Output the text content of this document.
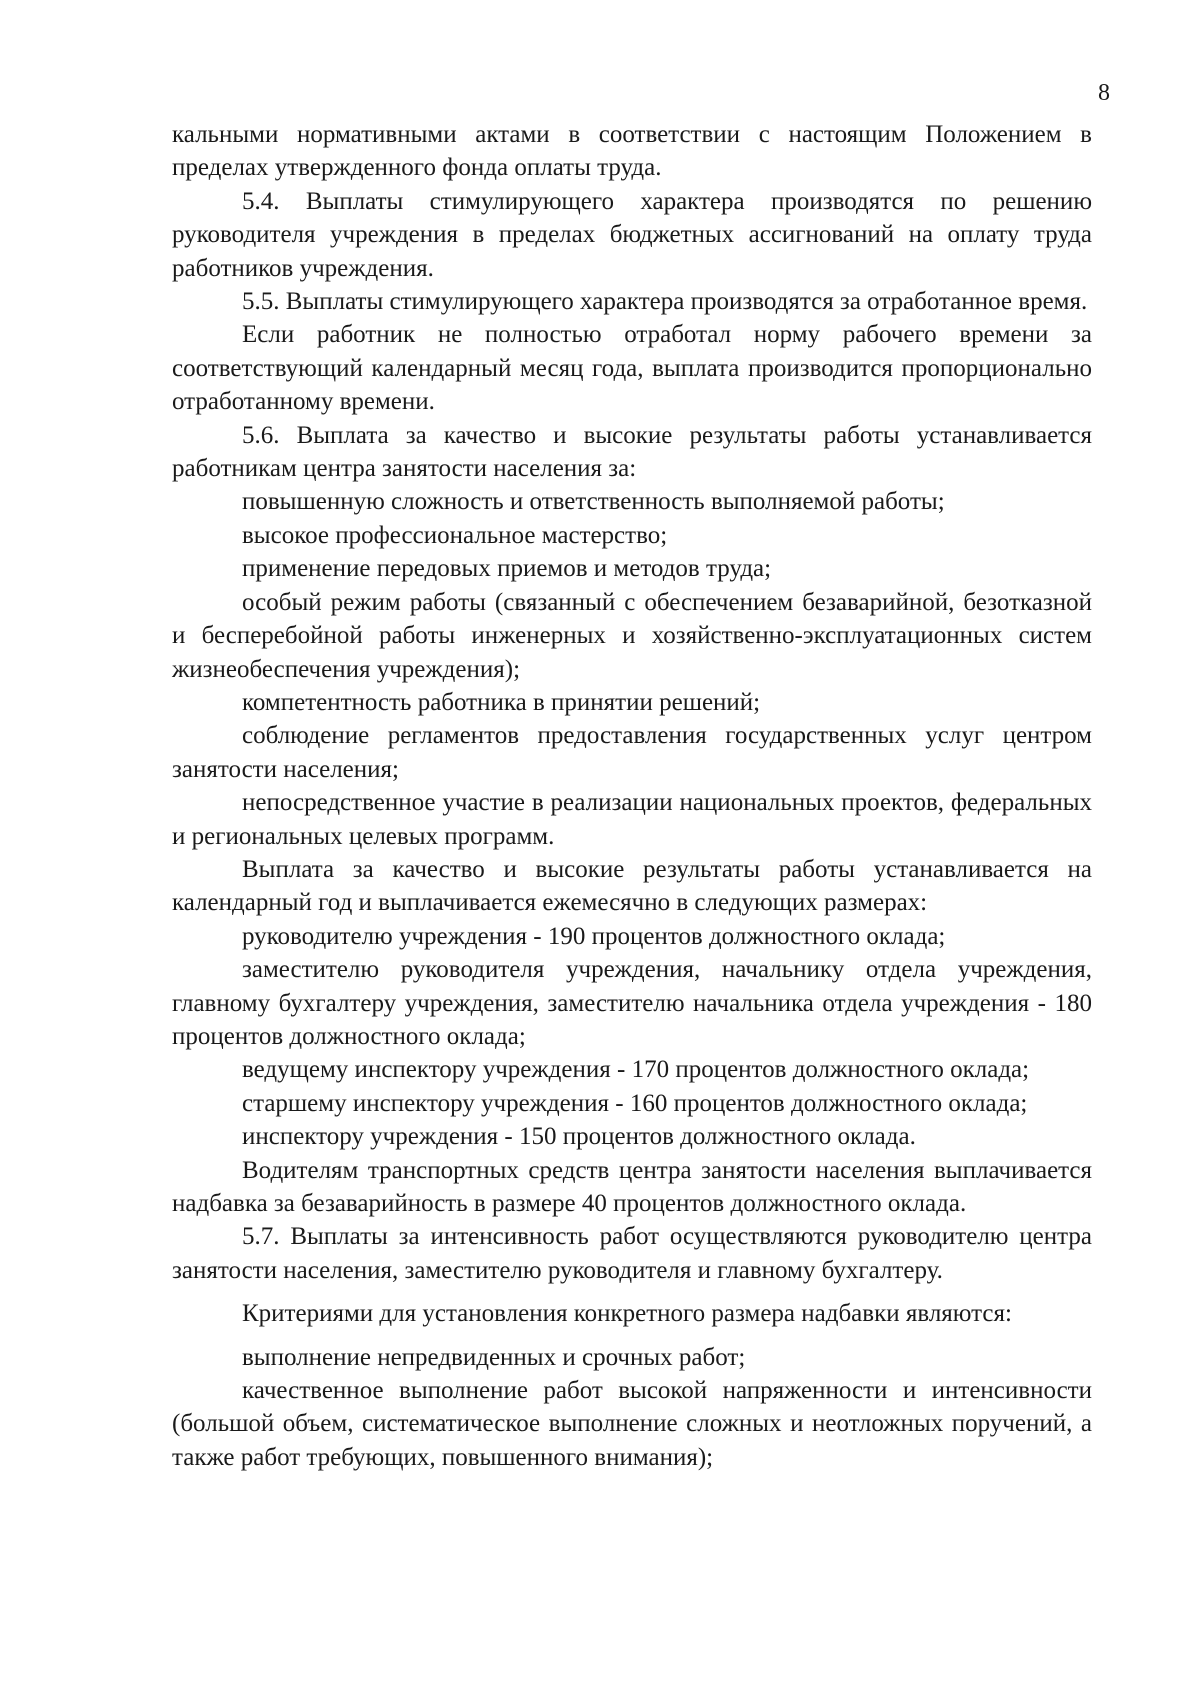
8

кальными нормативными актами в соответствии с настоящим Положением в пределах утвержденного фонда оплаты труда.

5.4. Выплаты стимулирующего характера производятся по решению руководителя учреждения в пределах бюджетных ассигнований на оплату труда работников учреждения.

5.5. Выплаты стимулирующего характера производятся за отработанное время.

Если работник не полностью отработал норму рабочего времени за соответствующий календарный месяц года, выплата производится пропорционально отработанному времени.

5.6. Выплата за качество и высокие результаты работы устанавливается работникам центра занятости населения за:

повышенную сложность и ответственность выполняемой работы;

высокое профессиональное мастерство;

применение передовых приемов и методов труда;

особый режим работы (связанный с обеспечением безаварийной, безотказной и бесперебойной работы инженерных и хозяйственно-эксплуатационных систем жизнеобеспечения учреждения);

компетентность работника в принятии решений;

соблюдение регламентов предоставления государственных услуг центром занятости населения;

непосредственное участие в реализации национальных проектов, федеральных и региональных целевых программ.

Выплата за качество и высокие результаты работы устанавливается на календарный год и выплачивается ежемесячно в следующих размерах:

руководителю учреждения - 190 процентов должностного оклада;

заместителю руководителя учреждения, начальнику отдела учреждения, главному бухгалтеру учреждения, заместителю начальника отдела учреждения - 180 процентов должностного оклада;

ведущему инспектору учреждения - 170 процентов должностного оклада;

старшему инспектору учреждения - 160 процентов должностного оклада;

инспектору учреждения - 150 процентов должностного оклада.

Водителям транспортных средств центра занятости населения выплачивается надбавка за безаварийность в размере 40 процентов должностного оклада.

5.7. Выплаты за интенсивность работ осуществляются руководителю центра занятости населения, заместителю руководителя и главному бухгалтеру.

Критериями для установления конкретного размера надбавки являются:

выполнение непредвиденных и срочных работ;

качественное выполнение работ высокой напряженности и интенсивности (большой объем, систематическое выполнение сложных и неотложных поручений, а также работ требующих, повышенного внимания);
